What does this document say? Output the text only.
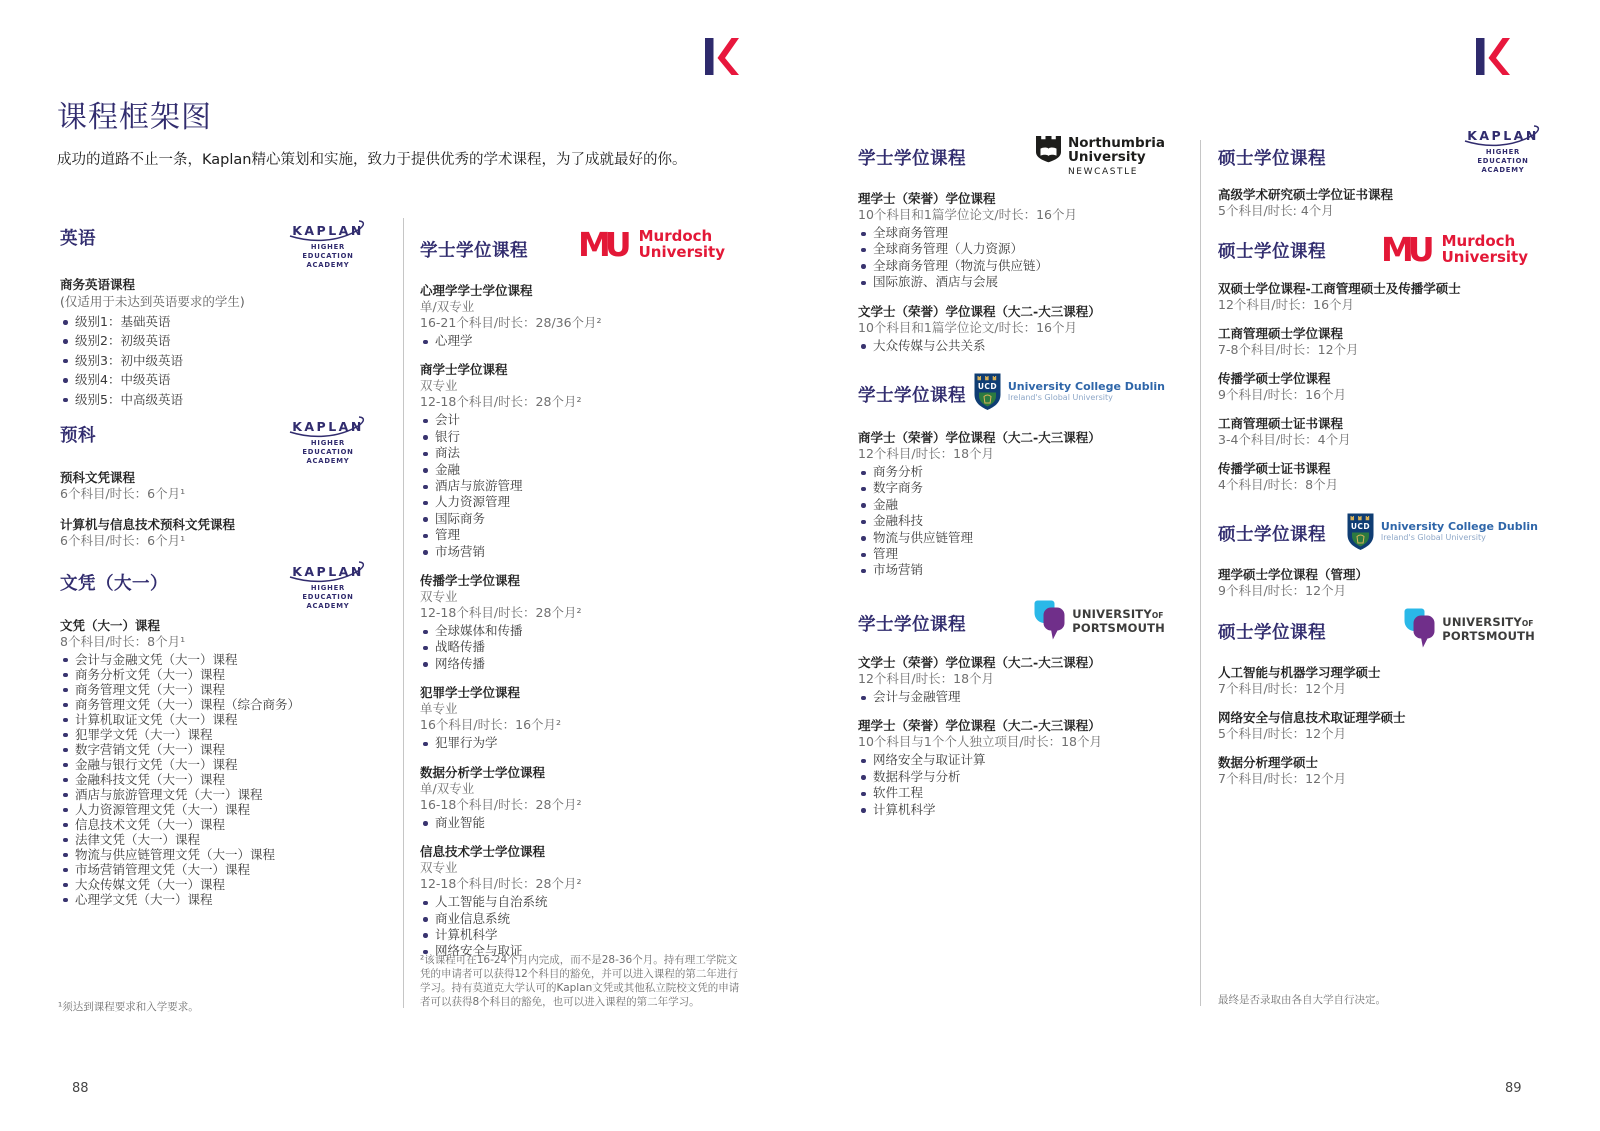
课程框架图

成功的道路不止一条，Kaplan精心策划和实施，致力于提供优秀的学术课程，为了成就最好的你。

KAPLAN
HIGHER EDUCATION
ACADEMY
英语
商务英语课程
(仅适用于未达到英语要求的学生)
级别1：基础英语
级别2：初级英语
级别3：初中级英语
级别4：中级英语
级别5：中高级英语
KAPLAN
HIGHER EDUCATION
ACADEMY
预科
预科文凭课程
6个科目/时长：6个月¹
计算机与信息技术预科文凭课程
6个科目/时长：6个月¹
KAPLAN
HIGHER EDUCATION
ACADEMY
文凭（大一）
文凭（大一）课程
8个科目/时长：8个月¹
会计与金融文凭（大一）课程
商务分析文凭（大一）课程
商务管理文凭（大一）课程
商务管理文凭（大一）课程（综合商务）
计算机取证文凭（大一）课程
犯罪学文凭（大一）课程
数字营销文凭（大一）课程
金融与银行文凭（大一）课程
金融科技文凭（大一）课程
酒店与旅游管理文凭（大一）课程
人力资源管理文凭（大一）课程
信息技术文凭（大一）课程
法律文凭（大一）课程
物流与供应链管理文凭（大一）课程
市场营销管理文凭（大一）课程
大众传媒文凭（大一）课程
心理学文凭（大一）课程

¹须达到课程要求和入学要求。

88
MU Murdoch
University
学士学位课程
心理学学士学位课程
单/双专业
16-21个科目/时长：28/36个月²
心理学
商学士学位课程
双专业
12-18个科目/时长：28个月²
会计
银行
商法
金融
酒店与旅游管理
人力资源管理
国际商务
管理
市场营销
传播学士学位课程
双专业
12-18个科目/时长：28个月²
全球媒体和传播
战略传播
网络传播
犯罪学士学位课程
单专业
16个科目/时长：16个月²
犯罪行为学
数据分析学士学位课程
单/双专业
16-18个科目/时长：28个月²
商业智能
信息技术学士学位课程
双专业
12-18个科目/时长：28个月²
人工智能与自治系统
商业信息系统
计算机科学
网络安全与取证

²该课程可在16-24个月内完成，而不是28-36个月。持有理工学院文凭的申请者可以获得12个科目的豁免，并可以进入课程的第二年进行学习。持有莫道克大学认可的Kaplan文凭或其他私立院校文凭的申请者可以获得8个科目的豁免，也可以进入课程的第二年学习。

Northumbria
University
NEWCASTLE
学士学位课程
理学士（荣誉）学位课程
10个科目和1篇学位论文/时长：16个月
全球商务管理
全球商务管理（人力资源）
全球商务管理（物流与供应链）
国际旅游、酒店与会展
文学士（荣誉）学位课程（大二-大三课程）
10个科目和1篇学位论文/时长：16个月
大众传媒与公共关系
UCD University College Dublin
Ireland's Global University
学士学位课程
商学士（荣誉）学位课程（大二-大三课程）
12个科目/时长：18个月
商务分析
数字商务
金融
金融科技
物流与供应链管理
管理
市场营销
UNIVERSITYOF
PORTSMOUTH
学士学位课程
文学士（荣誉）学位课程（大二-大三课程）
12个科目/时长：18个月
会计与金融管理
理学士（荣誉）学位课程（大二-大三课程）
10个科目与1个个人独立项目/时长：18个月
网络安全与取证计算
数据科学与分析
软件工程
计算机科学
KAPLAN
HIGHER EDUCATION
ACADEMY
硕士学位课程
高级学术研究硕士学位证书课程
5个科目/时长: 4个月
MU Murdoch
University
硕士学位课程
双硕士学位课程-工商管理硕士及传播学硕士
12个科目/时长：16个月
工商管理硕士学位课程
7-8个科目/时长：12个月
传播学硕士学位课程
9个科目/时长：16个月
工商管理硕士证书课程
3-4个科目/时长：4个月
传播学硕士证书课程
4个科目/时长：8个月
UCD University College Dublin
Ireland's Global University
硕士学位课程
理学硕士学位课程（管理）
9个科目/时长：12个月
UNIVERSITYOF
PORTSMOUTH
硕士学位课程
人工智能与机器学习理学硕士
7个科目/时长：12个月
网络安全与信息技术取证理学硕士
5个科目/时长：12个月
数据分析理学硕士
7个科目/时长：12个月

最终是否录取由各自大学自行决定。

89
